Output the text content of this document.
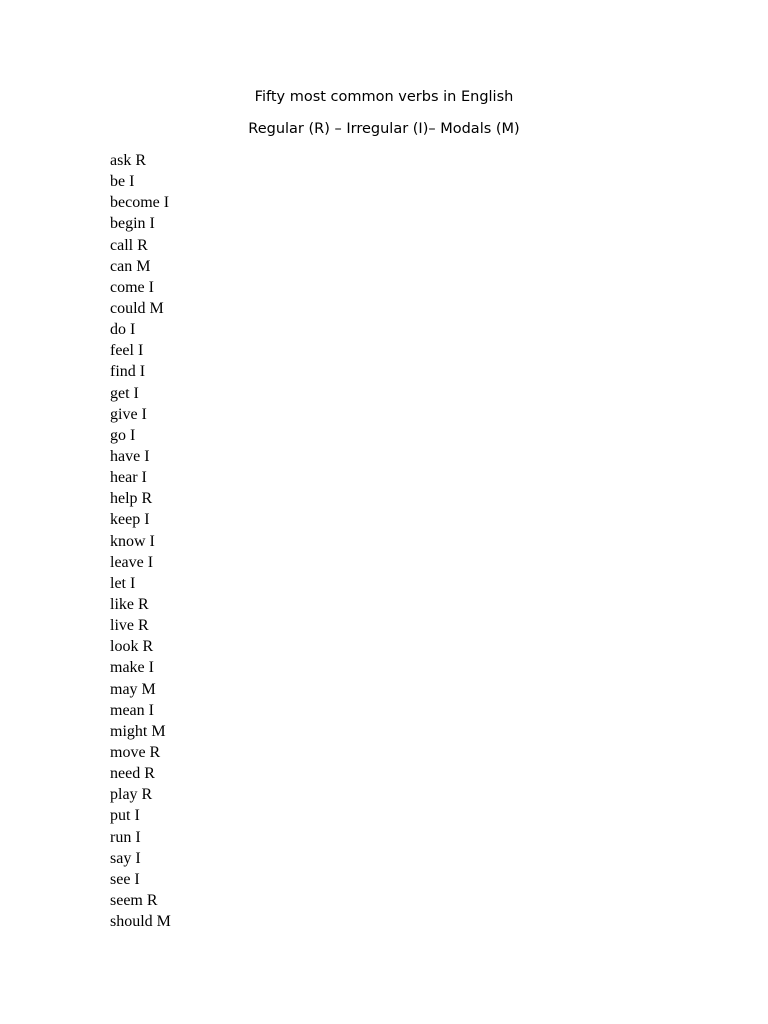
Fifty most common verbs in English
Regular (R) – Irregular (I)– Modals (M)
ask R
be I
become I
begin I
call R
can M
come I
could M
do I
feel I
find I
get I
give I
go I
have I
hear I
help R
keep I
know I
leave I
let I
like R
live R
look R
make I
may M
mean I
might M
move R
need R
play R
put I
run I
say I
see I
seem R
should M
